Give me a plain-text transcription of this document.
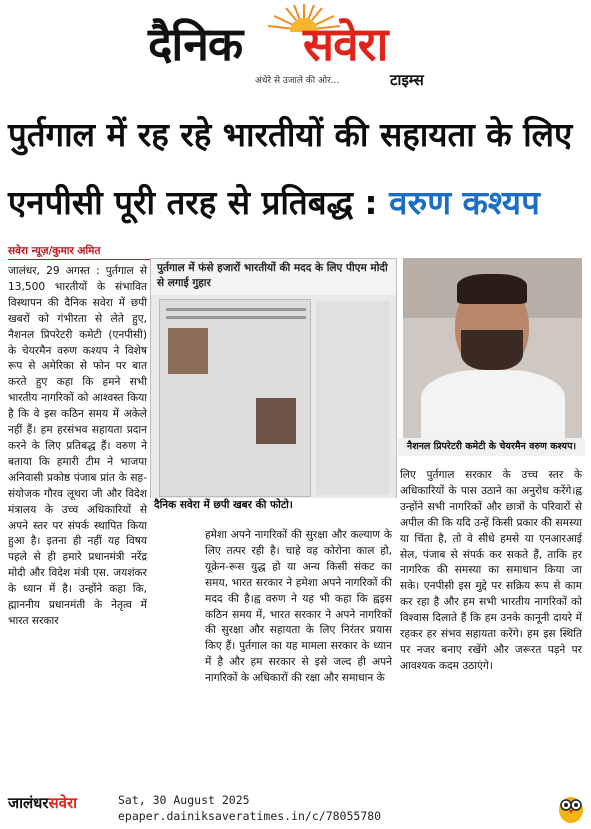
दैनिक सवेरा
अंधेरे से उजाले की ओर...	टाइम्स
पुर्तगाल में रह रहे भारतीयों की सहायता के लिए
एनपीसी पूरी तरह से प्रतिबद्ध : वरुण कश्यप
सवेरा न्यूज़/कुमार अमित

जालंधर, 29 अगस्त : पुर्तगाल से 13,500 भारतीयों के संभावित विस्थापन की दैनिक सवेरा में छपी खबरों को गंभीरता से लेते हुए, नैशनल प्रिपरेटरी कमेटी (एनपीसी) के चेयरमैन वरुण कश्यप ने विशेष रूप से अमेरिका से फोन पर बात करते हुए कहा कि हमने सभी भारतीय नागरिकों को आश्वस्त किया है कि वे इस कठिन समय में अकेले नहीं हैं। हम हरसंभव सहायता प्रदान करने के लिए प्रतिबद्ध हैं। वरुण ने बताया कि हमारी टीम ने भाजपा अनिवासी प्रकोष्ठ पंजाब प्रांत के सह-संयोजक गौरव लूथरा जी और विदेश मंत्रालय के उच्च अधिकारियों से अपने स्तर पर संपर्क स्थापित किया हुआ है। इतना ही नहीं यह विषय पहले से ही हमारे प्रधानमंत्री नरेंद्र मोदी और विदेश मंत्री एस. जयशंकर के ध्यान में है। उन्होंने कहा कि, ह्माननीय प्रधानमंती के नेतृत्व में भारत सरकार

पुर्तगाल में फंसे हजारों भारतीयों की मदद के लिए पीएम मोदी से लगाई गुहार
दैनिक सवेरा में छपी खबर की फोटो।
नैशनल प्रिपरेटरी कमेटी के चेयरमैन वरुण कश्यप।

हमेशा अपने नागरिकों की सुरक्षा और कल्याण के लिए तत्पर रही है। चाहे वह कोरोना काल हो, यूक्रेन-रूस युद्ध हो या अन्य किसी संकट का समय, भारत सरकार ने हमेशा अपने नागरिकों की मदद की है।ह्व वरुण ने यह भी कहा कि ह्वइस कठिन समय में, भारत सरकार ने अपने नागरिकों की सुरक्षा और सहायता के लिए निरंतर प्रयास किए हैं। पुर्तगाल का यह मामला सरकार के ध्यान में है और हम सरकार से इसे जल्द ही अपने नागरिकों के अधिकारों की रक्षा और समाधान के

लिए पुर्तगाल सरकार के उच्च स्तर के अधिकारियों के पास उठाने का अनुरोध करेंगे।ह्व उन्होंने सभी नागरिकों और छात्रों के परिवारों से अपील की कि यदि उन्हें किसी प्रकार की समस्या या चिंता है, तो वे सीधे हमसे या एनआरआई सेल, पंजाब से संपर्क कर सकते हैं, ताकि हर नागरिक की समस्या का समाधान किया जा सके। एनपीसी इस मुद्दे पर सक्रिय रूप से काम कर रहा है और हम सभी भारतीय नागरिकों को विश्वास दिलाते हैं कि हम उनके कानूनी दायरे में रहकर हर संभव सहायता करेंगे। हम इस स्थिति पर नजर बनाए रखेंगे और जरूरत पड़ने पर आवश्यक कदम उठाएंगे।

जालंधरसवेरा	Sat, 30 August 2025
epaper.dainiksaveratimes.in/c/78055780
